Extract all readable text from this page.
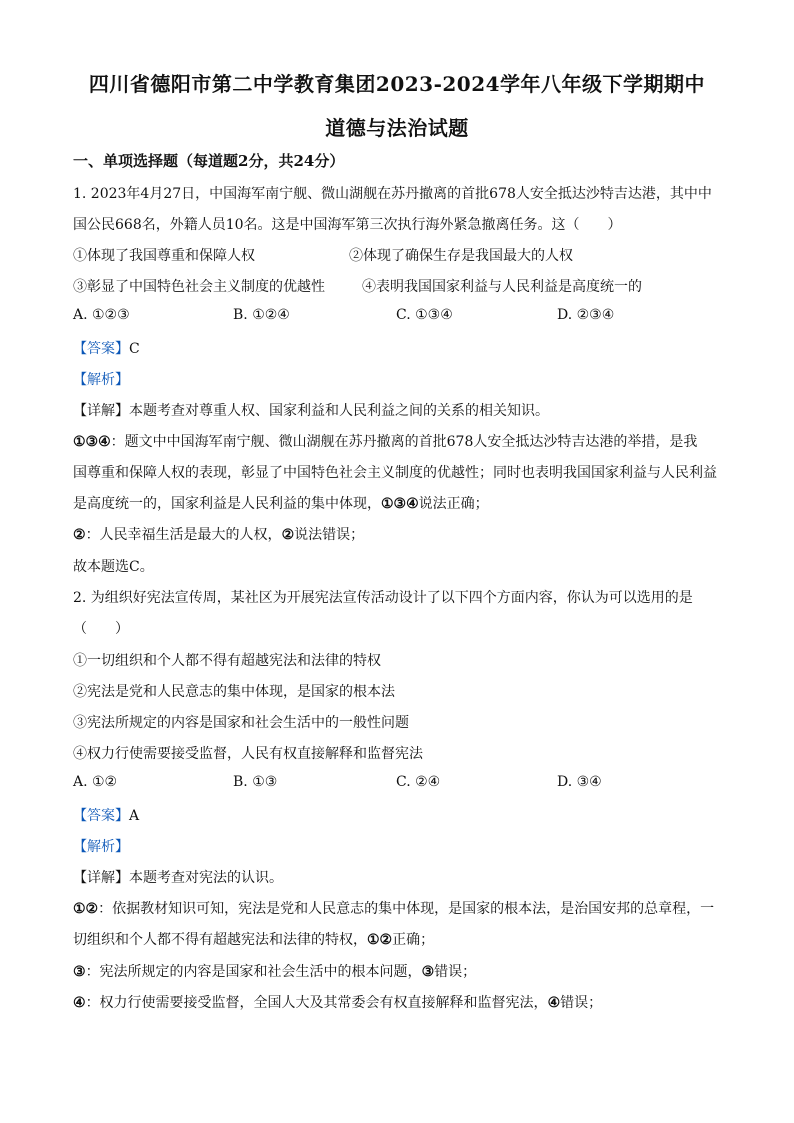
四川省德阳市第二中学教育集团2023-2024学年八年级下学期期中
道德与法治试题
一、单项选择题（每道题2分，共24分）
1. 2023年4月27日，中国海军南宁舰、微山湖舰在苏丹撤离的首批678人安全抵达沙特吉达港，其中中
国公民668名，外籍人员10名。这是中国海军第三次执行海外紧急撤离任务。这（　　）
①体现了我国尊重和保障人权	②体现了确保生存是我国最大的人权
③彰显了中国特色社会主义制度的优越性	④表明我国国家利益与人民利益是高度统一的
A. ①②③	B. ①②④	C. ①③④	D. ②③④
【答案】C
【解析】
【详解】本题考查对尊重人权、国家利益和人民利益之间的关系的相关知识。
①③④：题文中中国海军南宁舰、微山湖舰在苏丹撤离的首批678人安全抵达沙特吉达港的举措，是我
国尊重和保障人权的表现，彰显了中国特色社会主义制度的优越性；同时也表明我国国家利益与人民利益
是高度统一的，国家利益是人民利益的集中体现，①③④说法正确；
②：人民幸福生活是最大的人权，②说法错误；
故本题选C。
2. 为组织好宪法宣传周，某社区为开展宪法宣传活动设计了以下四个方面内容，你认为可以选用的是
（　　）
①一切组织和个人都不得有超越宪法和法律的特权
②宪法是党和人民意志的集中体现，是国家的根本法
③宪法所规定的内容是国家和社会生活中的一般性问题
④权力行使需要接受监督，人民有权直接解释和监督宪法
A. ①②	B. ①③	C. ②④	D. ③④
【答案】A
【解析】
【详解】本题考查对宪法的认识。
①②：依据教材知识可知，宪法是党和人民意志的集中体现，是国家的根本法，是治国安邦的总章程，一
切组织和个人都不得有超越宪法和法律的特权，①②正确；
③：宪法所规定的内容是国家和社会生活中的根本问题，③错误；
④：权力行使需要接受监督，全国人大及其常委会有权直接解释和监督宪法，④错误；
